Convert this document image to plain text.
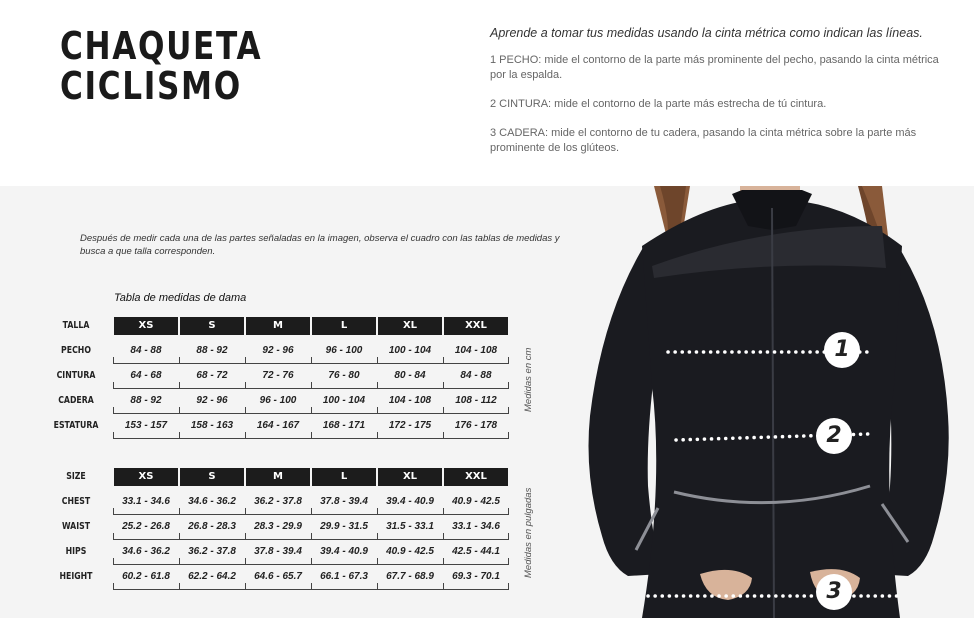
CHAQUETA
CICLISMO

Aprende a tomar tus medidas usando la cinta métrica como indican las líneas.

1 PECHO: mide el contorno de la parte más prominente del pecho, pasando la cinta métrica por la espalda.

2 CINTURA: mide el contorno de la parte más estrecha de tú cintura.

3 CADERA: mide el contorno de tu cadera, pasando la cinta métrica sobre la parte más prominente de los glúteos.

Después de medir cada una de las partes señaladas en la imagen, observa el cuadro con las tablas de medidas y busca a que talla corresponden.
Tabla de medidas de dama
TALLA	XS	S	M	L	XL	XXL
PECHO	84 - 88	88 - 92	92 - 96	96 - 100	100 - 104	104 - 108
CINTURA	64 - 68	68 - 72	72 - 76	76 - 80	80 - 84	84 - 88
CADERA	88 - 92	92 - 96	96 - 100	100 - 104	104 - 108	108 - 112
ESTATURA	153 - 157	158 - 163	164 - 167	168 - 171	172 - 175	176 - 178
SIZE	XS	S	M	L	XL	XXL
CHEST	33.1 - 34.6	34.6 - 36.2	36.2 - 37.8	37.8 - 39.4	39.4 - 40.9	40.9 - 42.5
WAIST	25.2 - 26.8	26.8 - 28.3	28.3 - 29.9	29.9 - 31.5	31.5 - 33.1	33.1 - 34.6
HIPS	34.6 - 36.2	36.2 - 37.8	37.8 - 39.4	39.4 - 40.9	40.9 - 42.5	42.5 - 44.1
HEIGHT	60.2 - 61.8	62.2 - 64.2	64.6 - 65.7	66.1 - 67.3	67.7 - 68.9	69.3 - 70.1
Medidas en cm
Medidas en pulgadas
1
2
3
